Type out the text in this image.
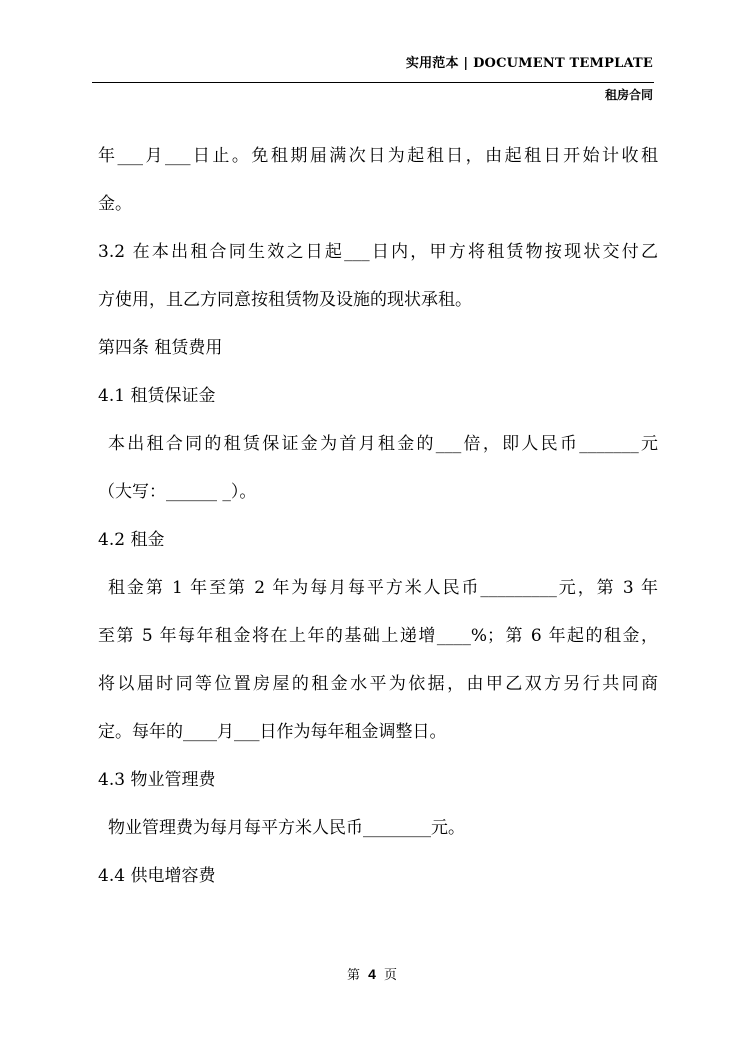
实用范本 | DOCUMENT TEMPLATE
租房合同
年___月___日止。免租期届满次日为起租日，由起租日开始计收租
金。
3.2 在本出租合同生效之日起___日内，甲方将租赁物按现状交付乙
方使用，且乙方同意按租赁物及设施的现状承租。
第四条 租赁费用
4.1 租赁保证金
本出租合同的租赁保证金为首月租金的___倍，即人民币_______元
（大写：______ _）。
4.2 租金
租金第 1 年至第 2 年为每月每平方米人民币_________元，第 3 年
至第 5 年每年租金将在上年的基础上递增____%；第 6 年起的租金，
将以届时同等位置房屋的租金水平为依据，由甲乙双方另行共同商
定。每年的____月___日作为每年租金调整日。
4.3 物业管理费
物业管理费为每月每平方米人民币________元。
4.4 供电增容费
第 4 页
